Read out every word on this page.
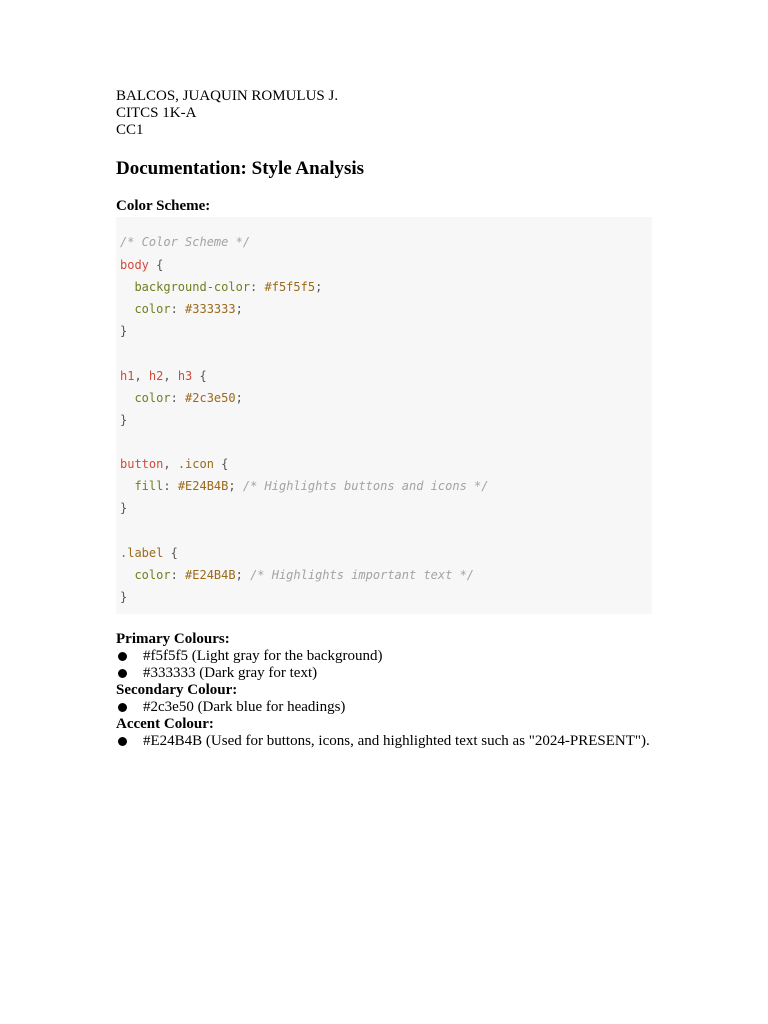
BALCOS, JUAQUIN ROMULUS J.
CITCS 1K-A
CC1
Documentation: Style Analysis
Color Scheme:
/* Color Scheme */
body {
background-color: #f5f5f5;
color: #333333;
}
h1, h2, h3 {
color: #2c3e50;
}
button, .icon {
fill: #E24B4B; /* Highlights buttons and icons */
}
.label {
color: #E24B4B; /* Highlights important text */
}
Primary Colours:
#f5f5f5 (Light gray for the background)
#333333 (Dark gray for text)
Secondary Colour:
#2c3e50 (Dark blue for headings)
Accent Colour:
#E24B4B (Used for buttons, icons, and highlighted text such as "2024-PRESENT").
